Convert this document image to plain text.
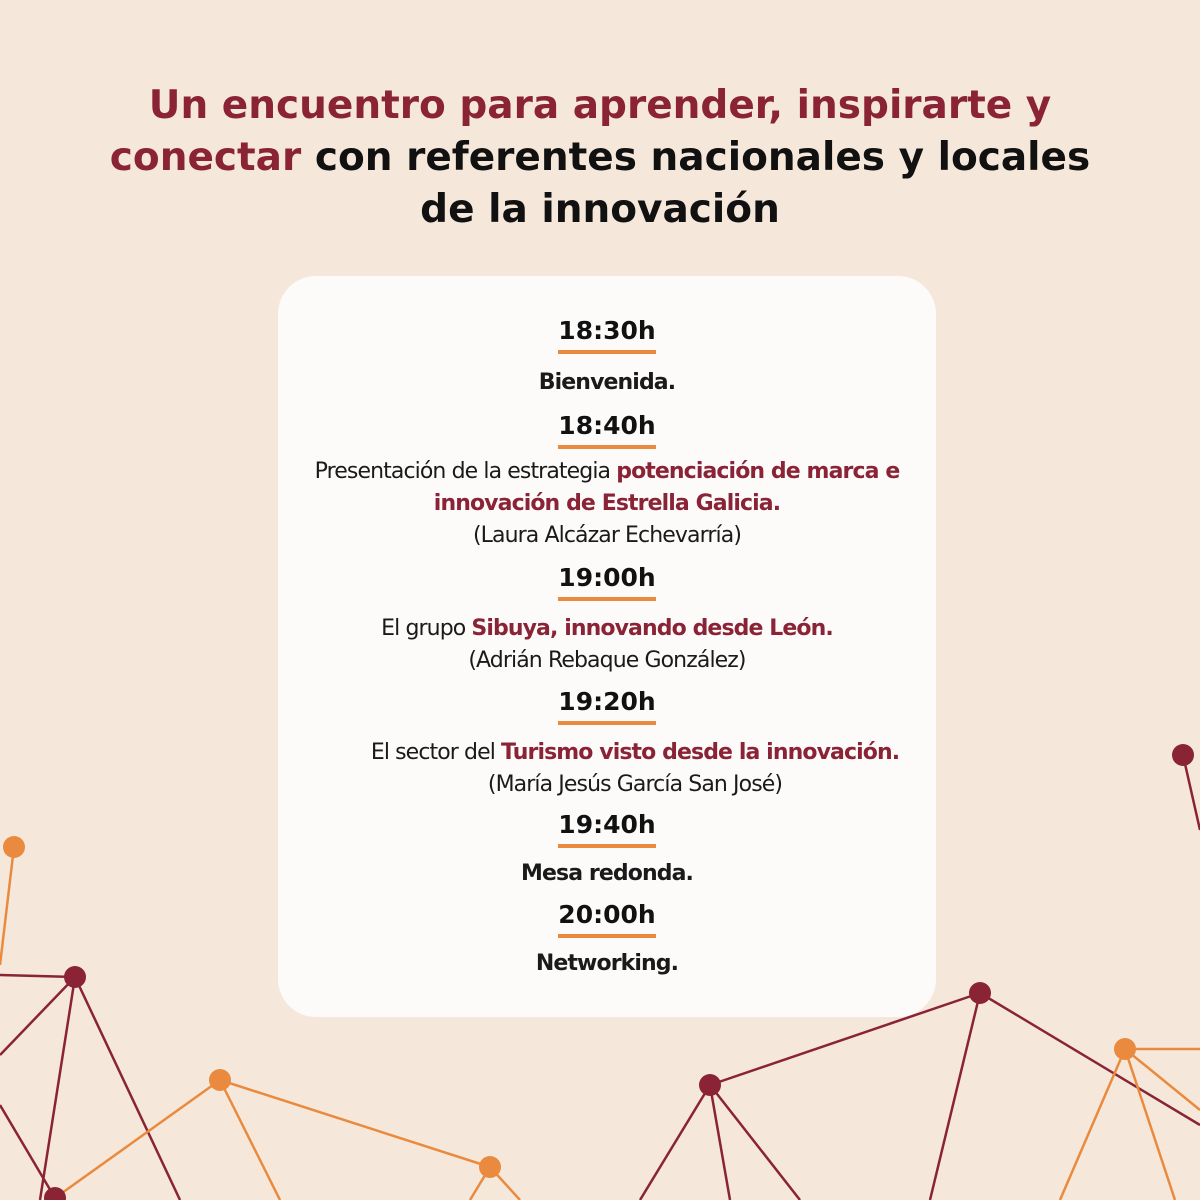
Un encuentro para aprender, inspirarte y conectar con referentes nacionales y locales de la innovación
18:30h

Bienvenida.

18:40h

Presentación de la estrategia potenciación de marca e innovación de Estrella Galicia.

(Laura Alcázar Echevarría)

19:00h

El grupo Sibuya, innovando desde León.

(Adrián Rebaque González)

19:20h

El sector del Turismo visto desde la innovación.

(María Jesús García San José)

19:40h

Mesa redonda.

20:00h

Networking.
